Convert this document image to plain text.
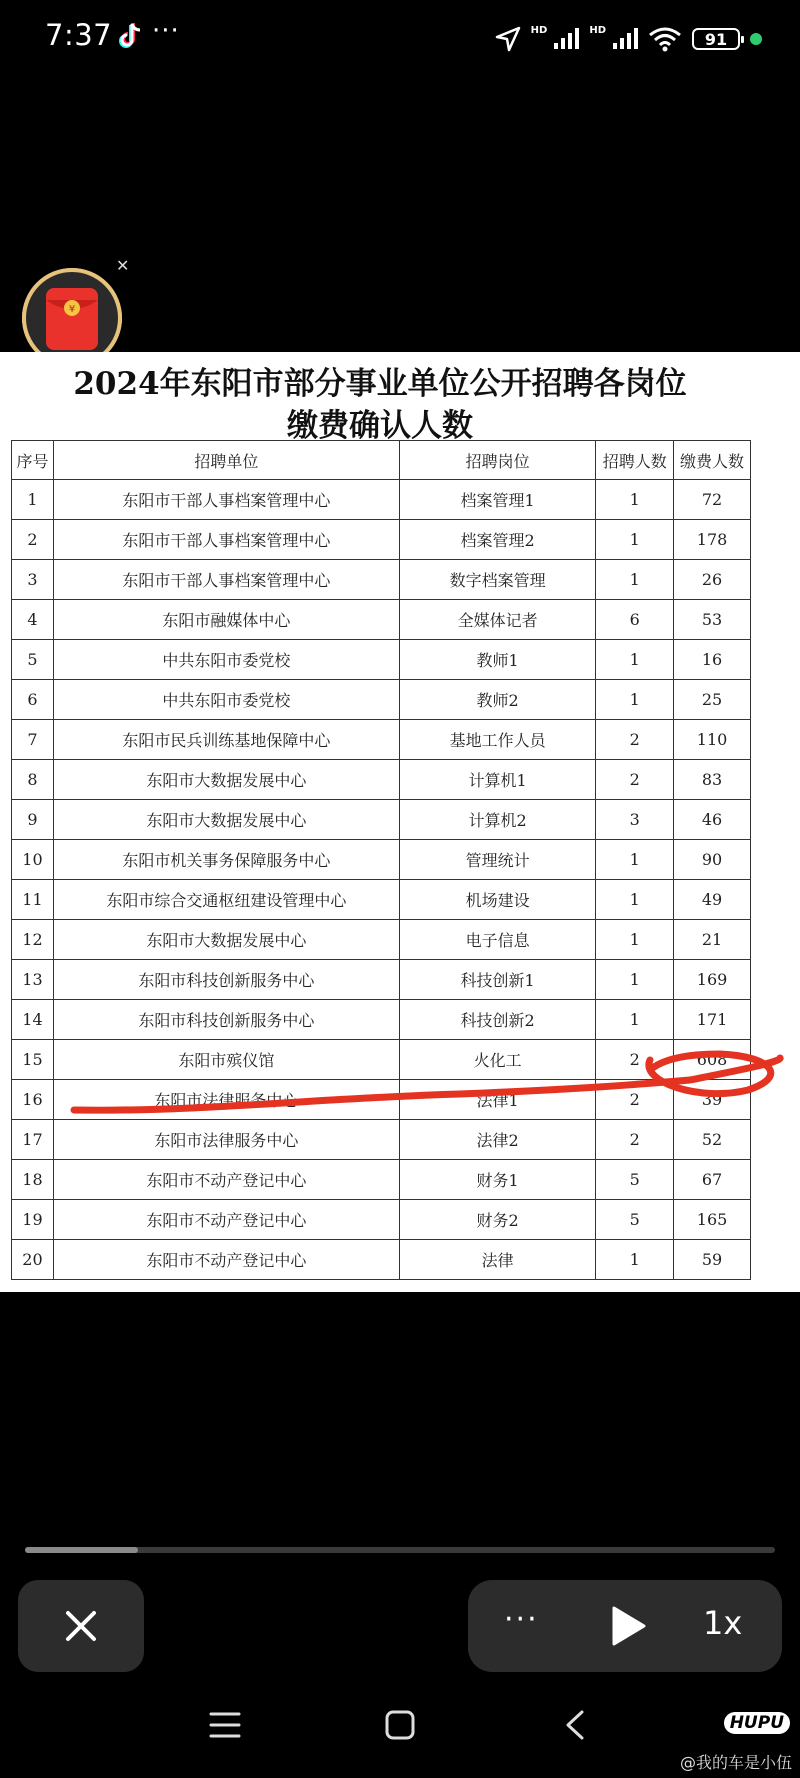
7:37 ···	HD	HD	91
¥
✕
2024年东阳市部分事业单位公开招聘各岗位
缴费确认人数
序号	招聘单位	招聘岗位	招聘人数	缴费人数
1	东阳市干部人事档案管理中心	档案管理1	1	72
2	东阳市干部人事档案管理中心	档案管理2	1	178
3	东阳市干部人事档案管理中心	数字档案管理	1	26
4	东阳市融媒体中心	全媒体记者	6	53
5	中共东阳市委党校	教师1	1	16
6	中共东阳市委党校	教师2	1	25
7	东阳市民兵训练基地保障中心	基地工作人员	2	110
8	东阳市大数据发展中心	计算机1	2	83
9	东阳市大数据发展中心	计算机2	3	46
10	东阳市机关事务保障服务中心	管理统计	1	90
11	东阳市综合交通枢纽建设管理中心	机场建设	1	49
12	东阳市大数据发展中心	电子信息	1	21
13	东阳市科技创新服务中心	科技创新1	1	169
14	东阳市科技创新服务中心	科技创新2	1	171
15	东阳市殡仪馆	火化工	2	608
16	东阳市法律服务中心	法律1	2	39
17	东阳市法律服务中心	法律2	2	52
18	东阳市不动产登记中心	财务1	5	67
19	东阳市不动产登记中心	财务2	5	165
20	东阳市不动产登记中心	法律	1	59
···	1x
HUPU
@我的车是小伍
